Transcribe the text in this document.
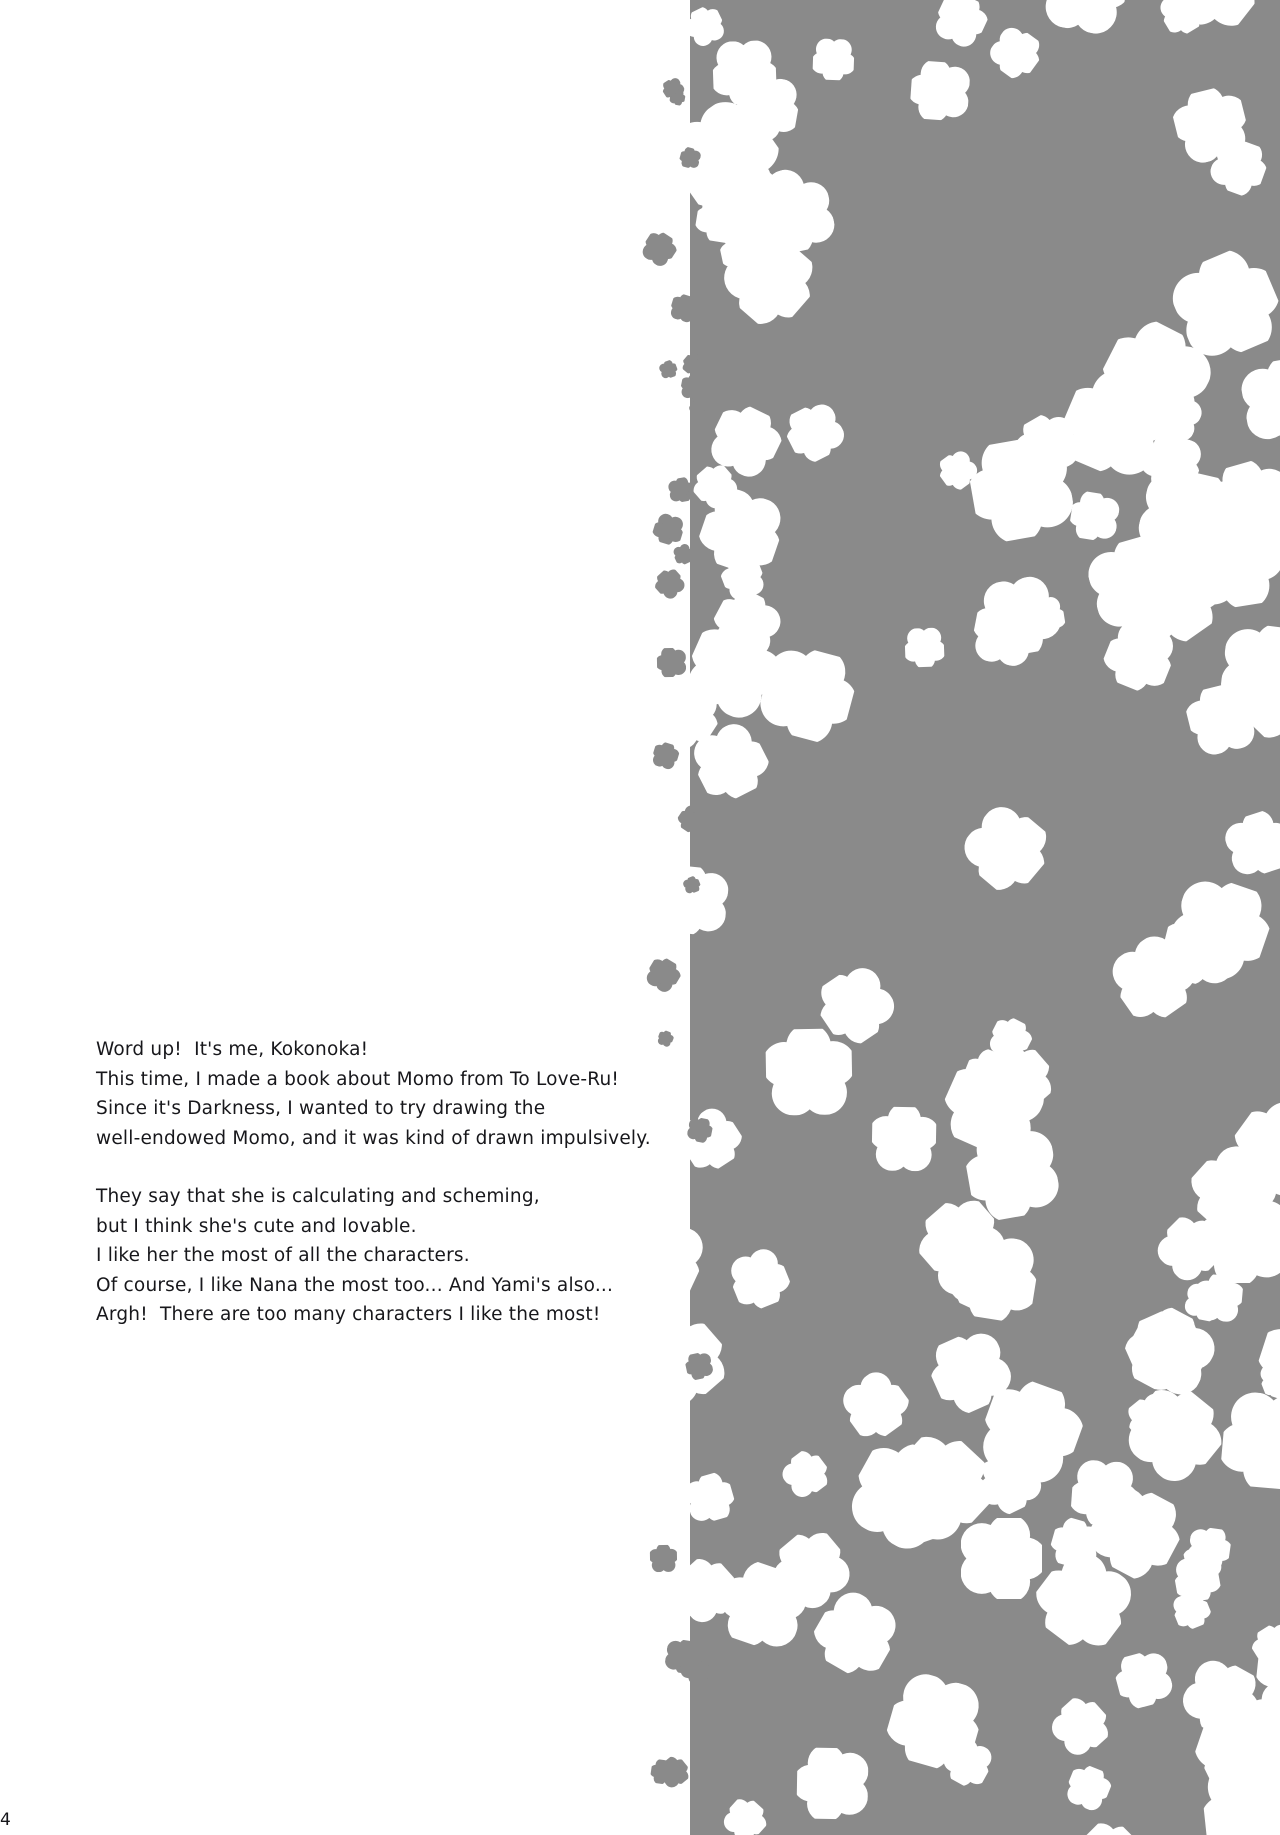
Word up!  It's me, Kokonoka!
This time, I made a book about Momo from To Love-Ru!
Since it's Darkness, I wanted to try drawing the
well-endowed Momo, and it was kind of drawn impulsively.

They say that she is calculating and scheming,
but I think she's cute and lovable.
I like her the most of all the characters.
Of course, I like Nana the most too... And Yami's also...
Argh!  There are too many characters I like the most!

4
